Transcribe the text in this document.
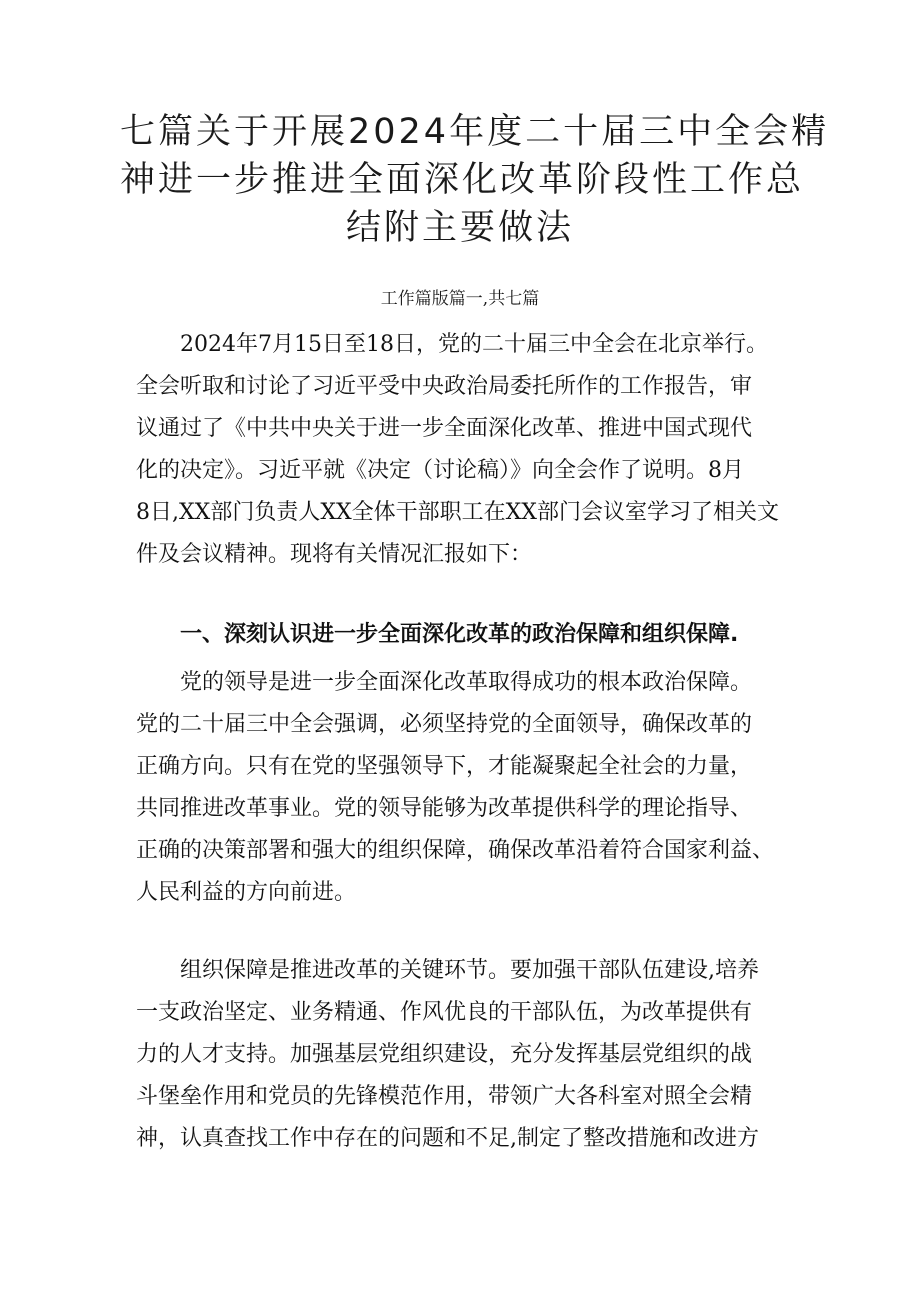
七篇关于开展2024年度二十届三中全会精
神进一步推进全面深化改革阶段性工作总
结附主要做法
工作篇版篇一,共七篇
　　2024年7月15日至18日，党的二十届三中全会在北京举行。
全会听取和讨论了习近平受中央政治局委托所作的工作报告，审
议通过了《中共中央关于进一步全面深化改革、推进中国式现代
化的决定》。习近平就《决定（讨论稿）》向全会作了说明。8月
8日,XX部门负责人XX全体干部职工在XX部门会议室学习了相关文
件及会议精神。现将有关情况汇报如下：
　　一、深刻认识进一步全面深化改革的政治保障和组织保障.
　　党的领导是进一步全面深化改革取得成功的根本政治保障。
党的二十届三中全会强调，必须坚持党的全面领导，确保改革的
正确方向。只有在党的坚强领导下，才能凝聚起全社会的力量，
共同推进改革事业。党的领导能够为改革提供科学的理论指导、
正确的决策部署和强大的组织保障，确保改革沿着符合国家利益、
人民利益的方向前进。
　　组织保障是推进改革的关键环节。要加强干部队伍建设,培养
一支政治坚定、业务精通、作风优良的干部队伍，为改革提供有
力的人才支持。加强基层党组织建设，充分发挥基层党组织的战
斗堡垒作用和党员的先锋模范作用，带领广大各科室对照全会精
神，认真查找工作中存在的问题和不足,制定了整改措施和改进方
